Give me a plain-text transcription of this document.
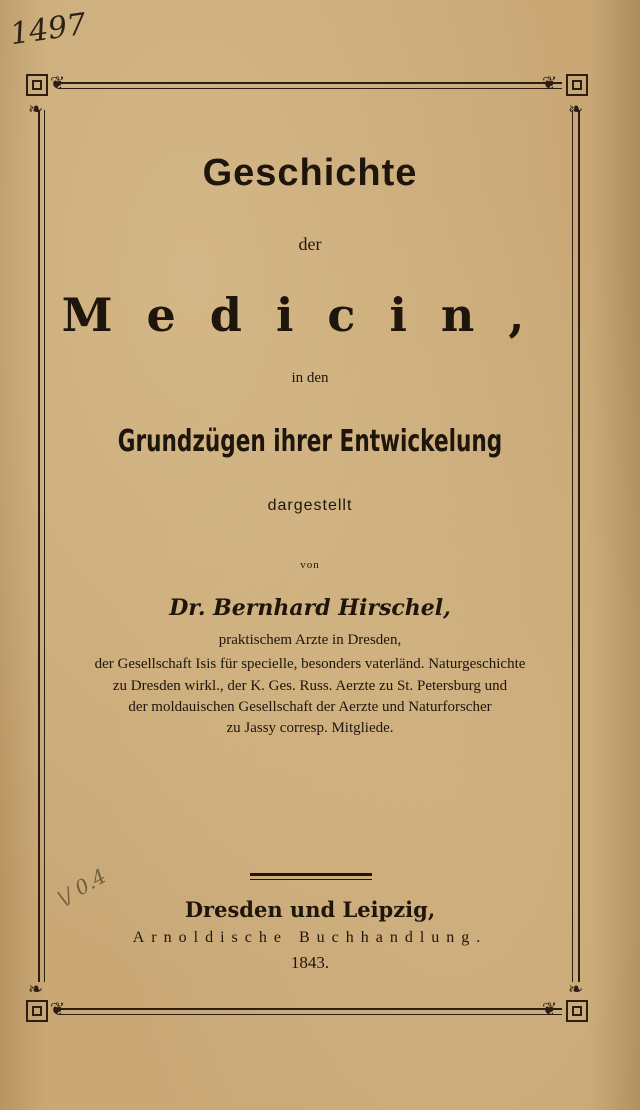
1497
\/ 0.4
❦	❦
❦	❦
❧	❧
❧	❧
Geschichte
der
Medicin,
in den
Grundzügen ihrer Entwickelung
dargestellt
von
Dr. Bernhard Hirschel,
praktischem Arzte in Dresden,
der Gesellschaft Isis für specielle, besonders vaterländ. Naturgeschichte
zu Dresden wirkl., der K. Ges. Russ. Aerzte zu St. Petersburg und
der moldauischen Gesellschaft der Aerzte und Naturforscher
zu Jassy corresp. Mitgliede.
Dresden und Leipzig,
Arnoldische Buchhandlung.
1843.
